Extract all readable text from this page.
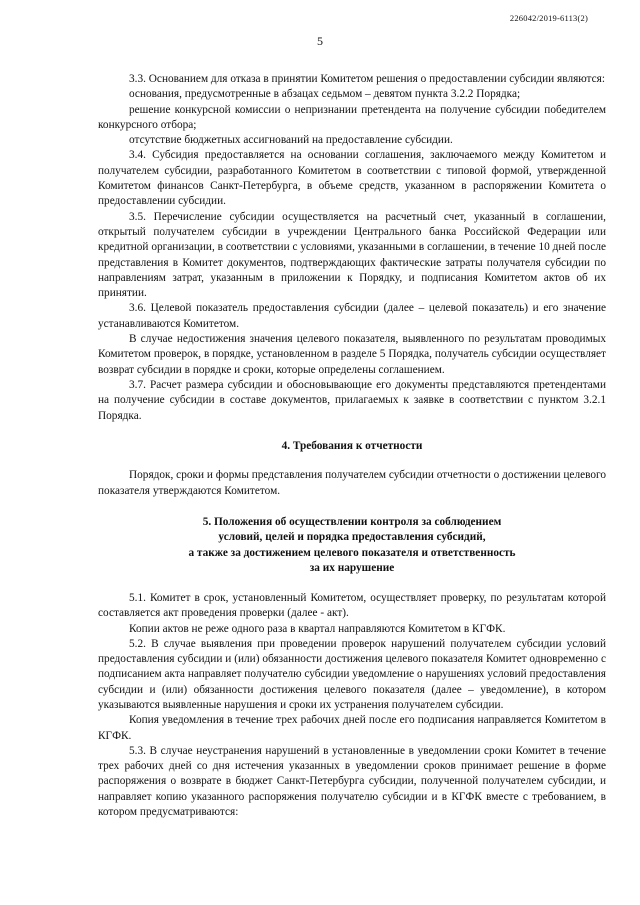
226042/2019-6113(2)
5

3.3. Основанием для отказа в принятии Комитетом решения о предоставлении субсидии являются:

основания, предусмотренные в абзацах седьмом – девятом пункта 3.2.2 Порядка;

решение конкурсной комиссии о непризнании претендента на получение субсидии победителем конкурсного отбора;

отсутствие бюджетных ассигнований на предоставление субсидии.

3.4. Субсидия предоставляется на основании соглашения, заключаемого между Комитетом и получателем субсидии, разработанного Комитетом в соответствии с типовой формой, утвержденной Комитетом финансов Санкт-Петербурга, в объеме средств, указанном в распоряжении Комитета о предоставлении субсидии.

3.5. Перечисление субсидии осуществляется на расчетный счет, указанный в соглашении, открытый получателем субсидии в учреждении Центрального банка Российской Федерации или кредитной организации, в соответствии с условиями, указанными в соглашении, в течение 10 дней после представления в Комитет документов, подтверждающих фактические затраты получателя субсидии по направлениям затрат, указанным в приложении к Порядку, и подписания Комитетом актов об их принятии.

3.6. Целевой показатель предоставления субсидии (далее – целевой показатель) и его значение устанавливаются Комитетом.

В случае недостижения значения целевого показателя, выявленного по результатам проводимых Комитетом проверок, в порядке, установленном в разделе 5 Порядка, получатель субсидии осуществляет возврат субсидии в порядке и сроки, которые определены соглашением.

3.7. Расчет размера субсидии и обосновывающие его документы представляются претендентами на получение субсидии в составе документов, прилагаемых к заявке в соответствии с пунктом 3.2.1 Порядка.

4. Требования к отчетности

Порядок, сроки и формы представления получателем субсидии отчетности о достижении целевого показателя утверждаются Комитетом.

5. Положения об осуществлении контроля за соблюдением

условий, целей и порядка предоставления субсидий,

а также за достижением целевого показателя и ответственность

за их нарушение

5.1. Комитет в срок, установленный Комитетом, осуществляет проверку, по результатам которой составляется акт проведения проверки (далее - акт).

Копии актов не реже одного раза в квартал направляются Комитетом в КГФК.

5.2. В случае выявления при проведении проверок нарушений получателем субсидии условий предоставления субсидии и (или) обязанности достижения целевого показателя Комитет одновременно с подписанием акта направляет получателю субсидии уведомление о нарушениях условий предоставления субсидии и (или) обязанности достижения целевого показателя (далее – уведомление), в котором указываются выявленные нарушения и сроки их устранения получателем субсидии.

Копия уведомления в течение трех рабочих дней после его подписания направляется Комитетом в КГФК.

5.3. В случае неустранения нарушений в установленные в уведомлении сроки Комитет в течение трех рабочих дней со дня истечения указанных в уведомлении сроков принимает решение в форме распоряжения о возврате в бюджет Санкт-Петербурга субсидии, полученной получателем субсидии, и направляет копию указанного распоряжения получателю субсидии и в КГФК вместе с требованием, в котором предусматриваются:
